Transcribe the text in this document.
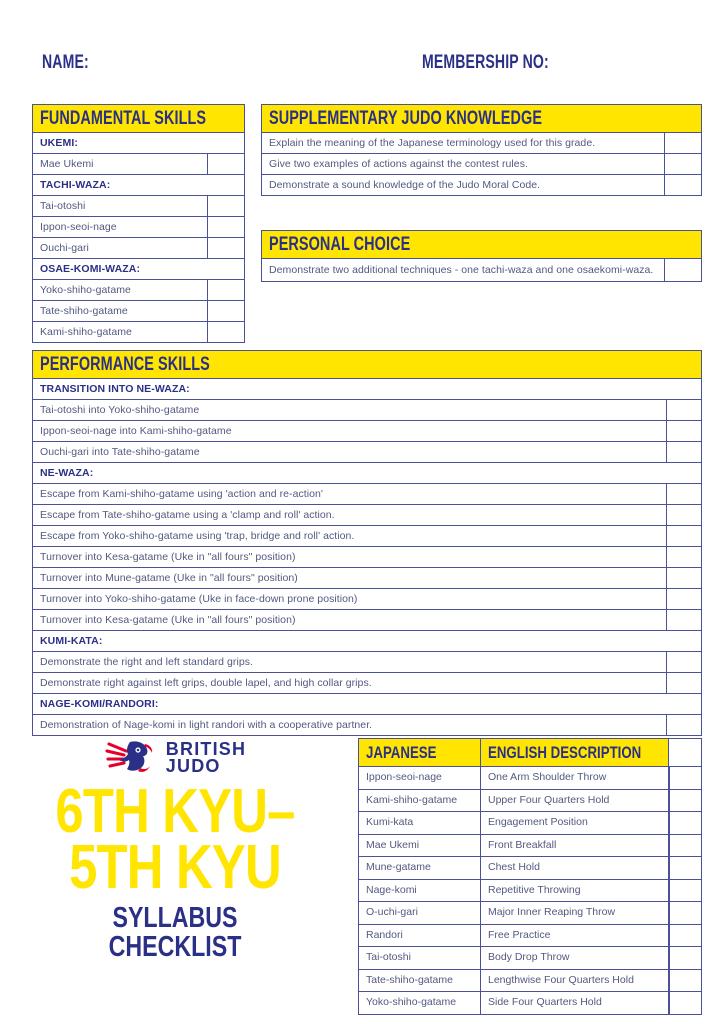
NAME:	MEMBERSHIP NO:
FUNDAMENTAL SKILLS
UKEMI:
Mae Ukemi
TACHI-WAZA:
Tai-otoshi
Ippon-seoi-nage
Ouchi-gari
OSAE-KOMI-WAZA:
Yoko-shiho-gatame
Tate-shiho-gatame
Kami-shiho-gatame
SUPPLEMENTARY JUDO KNOWLEDGE
Explain the meaning of the Japanese terminology used for this grade.
Give two examples of actions against the contest rules.
Demonstrate a sound knowledge of the Judo Moral Code.
PERSONAL CHOICE
Demonstrate two additional techniques - one tachi-waza and one osaekomi-waza.
PERFORMANCE SKILLS
TRANSITION INTO NE-WAZA:
Tai-otoshi into Yoko-shiho-gatame
Ippon-seoi-nage into Kami-shiho-gatame
Ouchi-gari into Tate-shiho-gatame
NE-WAZA:
Escape from Kami-shiho-gatame using 'action and re-action'
Escape from Tate-shiho-gatame using a 'clamp and roll' action.
Escape from Yoko-shiho-gatame using 'trap, bridge and roll' action.
Turnover into Kesa-gatame (Uke in "all fours" position)
Turnover into Mune-gatame (Uke in "all fours" position)
Turnover into Yoko-shiho-gatame (Uke in face-down prone position)
Turnover into Kesa-gatame (Uke in "all fours" position)
KUMI-KATA:
Demonstrate the right and left standard grips.
Demonstrate right against left grips, double lapel, and high collar grips.
NAGE-KOMI/RANDORI:
Demonstration of Nage-komi in light randori with a cooperative partner.
JAPANESE	ENGLISH DESCRIPTION
Ippon-seoi-nage	One Arm Shoulder Throw
Kami-shiho-gatame	Upper Four Quarters Hold
Kumi-kata	Engagement Position
Mae Ukemi	Front Breakfall
Mune-gatame	Chest Hold
Nage-komi	Repetitive Throwing
O-uchi-gari	Major Inner Reaping Throw
Randori	Free Practice
Tai-otoshi	Body Drop Throw
Tate-shiho-gatame	Lengthwise Four Quarters Hold
Yoko-shiho-gatame	Side Four Quarters Hold
BRITISH
JUDO
6TH KYU–
5TH KYU
SYLLABUS CHECKLIST
